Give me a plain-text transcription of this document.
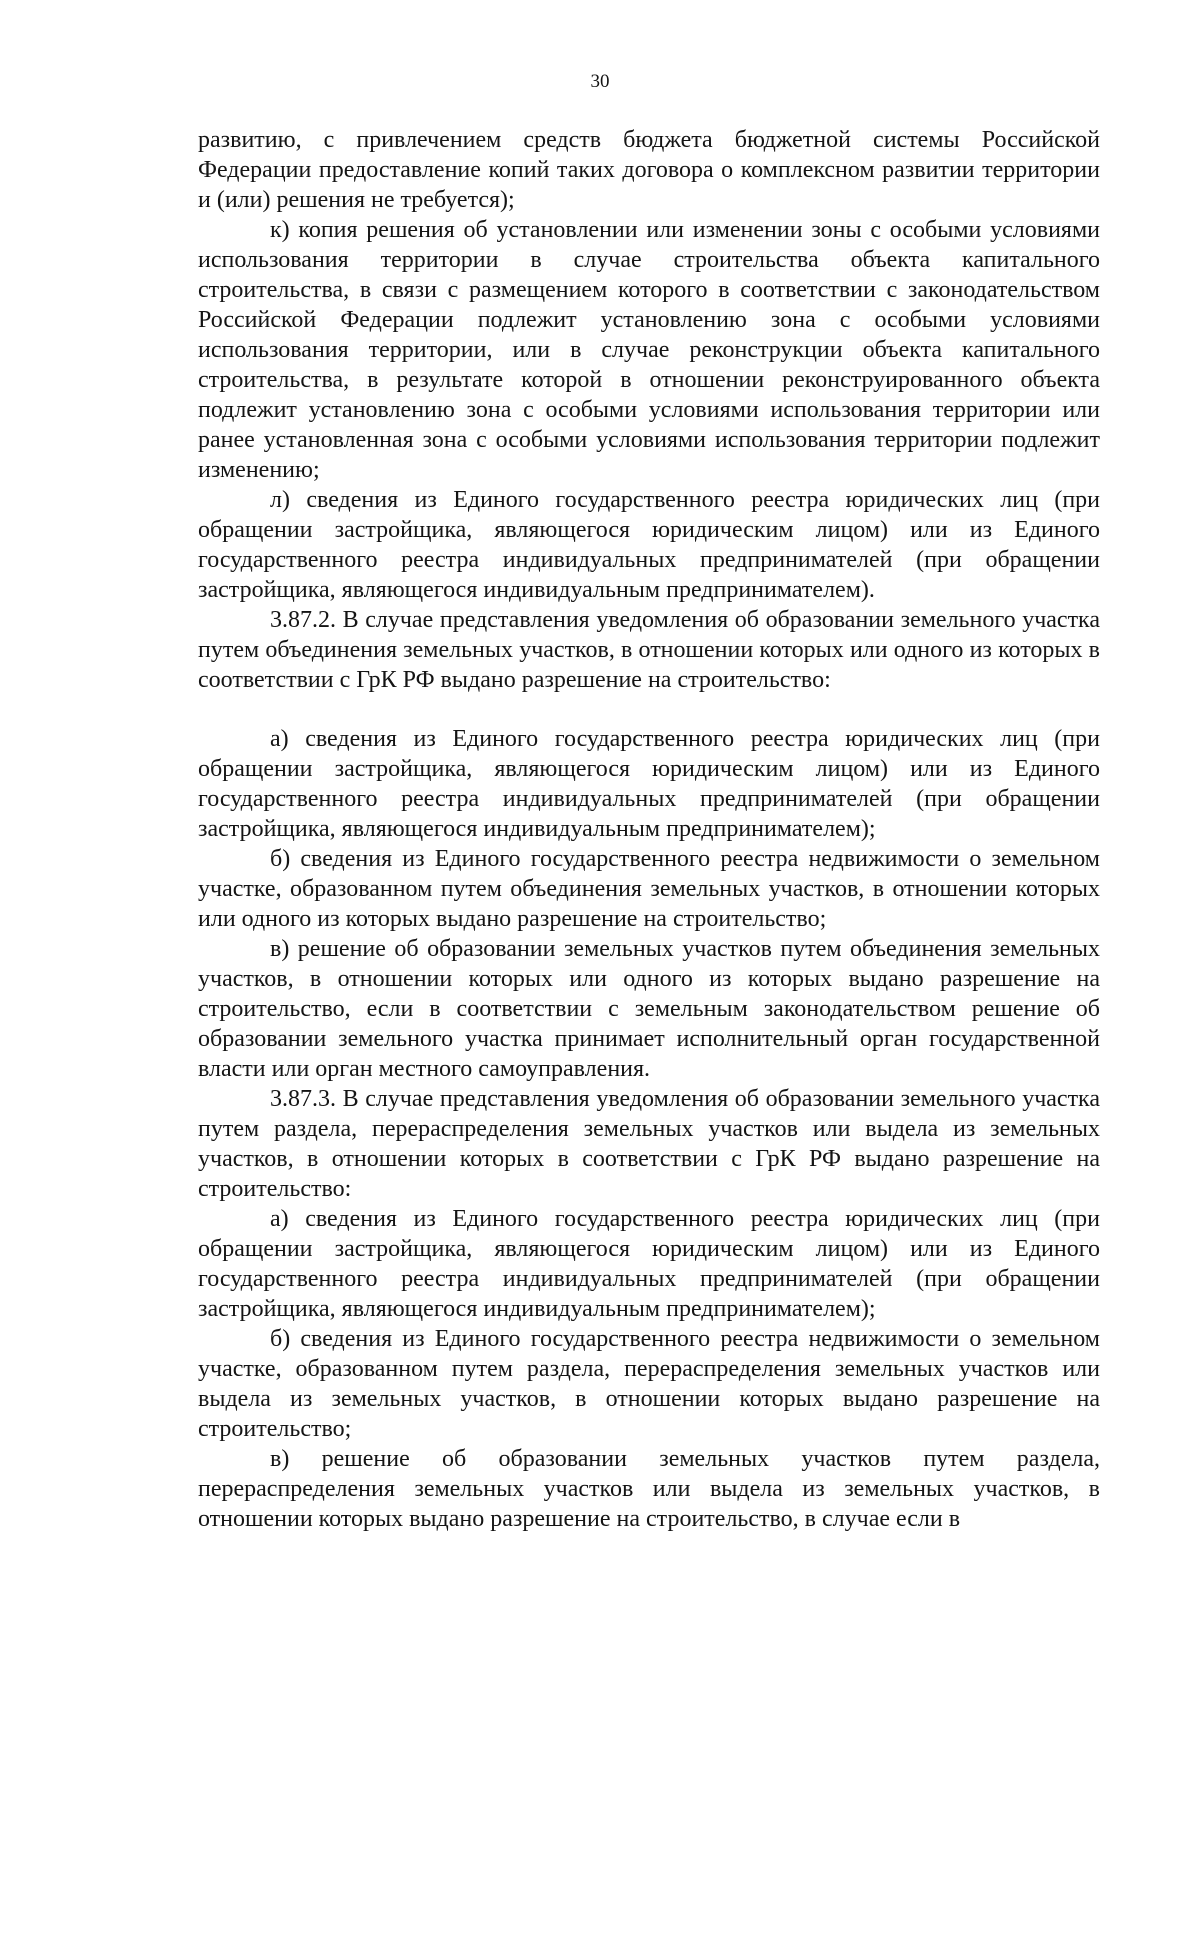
30

развитию, с привлечением средств бюджета бюджетной системы Российской Федерации предоставление копий таких договора о комплексном развитии территории и (или) решения не требуется);

к) копия решения об установлении или изменении зоны с особыми условиями использования территории в случае строительства объекта капитального строительства, в связи с размещением которого в соответствии с законодательством Российской Федерации подлежит установлению зона с особыми условиями использования территории, или в случае реконструкции объекта капитального строительства, в результате которой в отношении реконструированного объекта подлежит установлению зона с особыми условиями использования территории или ранее установленная зона с особыми условиями использования территории подлежит изменению;

л) сведения из Единого государственного реестра юридических лиц (при обращении застройщика, являющегося юридическим лицом) или из Единого государственного реестра индивидуальных предпринимателей (при обращении застройщика, являющегося индивидуальным предпринимателем).

3.87.2. В случае представления уведомления об образовании земельного участка путем объединения земельных участков, в отношении которых или одного из которых в соответствии с ГрК РФ выдано разрешение на строительство:

а) сведения из Единого государственного реестра юридических лиц (при обращении застройщика, являющегося юридическим лицом) или из Единого государственного реестра индивидуальных предпринимателей (при обращении застройщика, являющегося индивидуальным предпринимателем);

б) сведения из Единого государственного реестра недвижимости о земельном участке, образованном путем объединения земельных участков, в отношении которых или одного из которых выдано разрешение на строительство;

в) решение об образовании земельных участков путем объединения земельных участков, в отношении которых или одного из которых выдано разрешение на строительство, если в соответствии с земельным законодательством решение об образовании земельного участка принимает исполнительный орган государственной власти или орган местного самоуправления.

3.87.3. В случае представления уведомления об образовании земельного участка путем раздела, перераспределения земельных участков или выдела из земельных участков, в отношении которых в соответствии с ГрК РФ выдано разрешение на строительство:

а) сведения из Единого государственного реестра юридических лиц (при обращении застройщика, являющегося юридическим лицом) или из Единого государственного реестра индивидуальных предпринимателей (при обращении застройщика, являющегося индивидуальным предпринимателем);

б) сведения из Единого государственного реестра недвижимости о земельном участке, образованном путем раздела, перераспределения земельных участков или выдела из земельных участков, в отношении которых выдано разрешение на строительство;

в) решение об образовании земельных участков путем раздела, перераспределения земельных участков или выдела из земельных участков, в отношении которых выдано разрешение на строительство, в случае если в
